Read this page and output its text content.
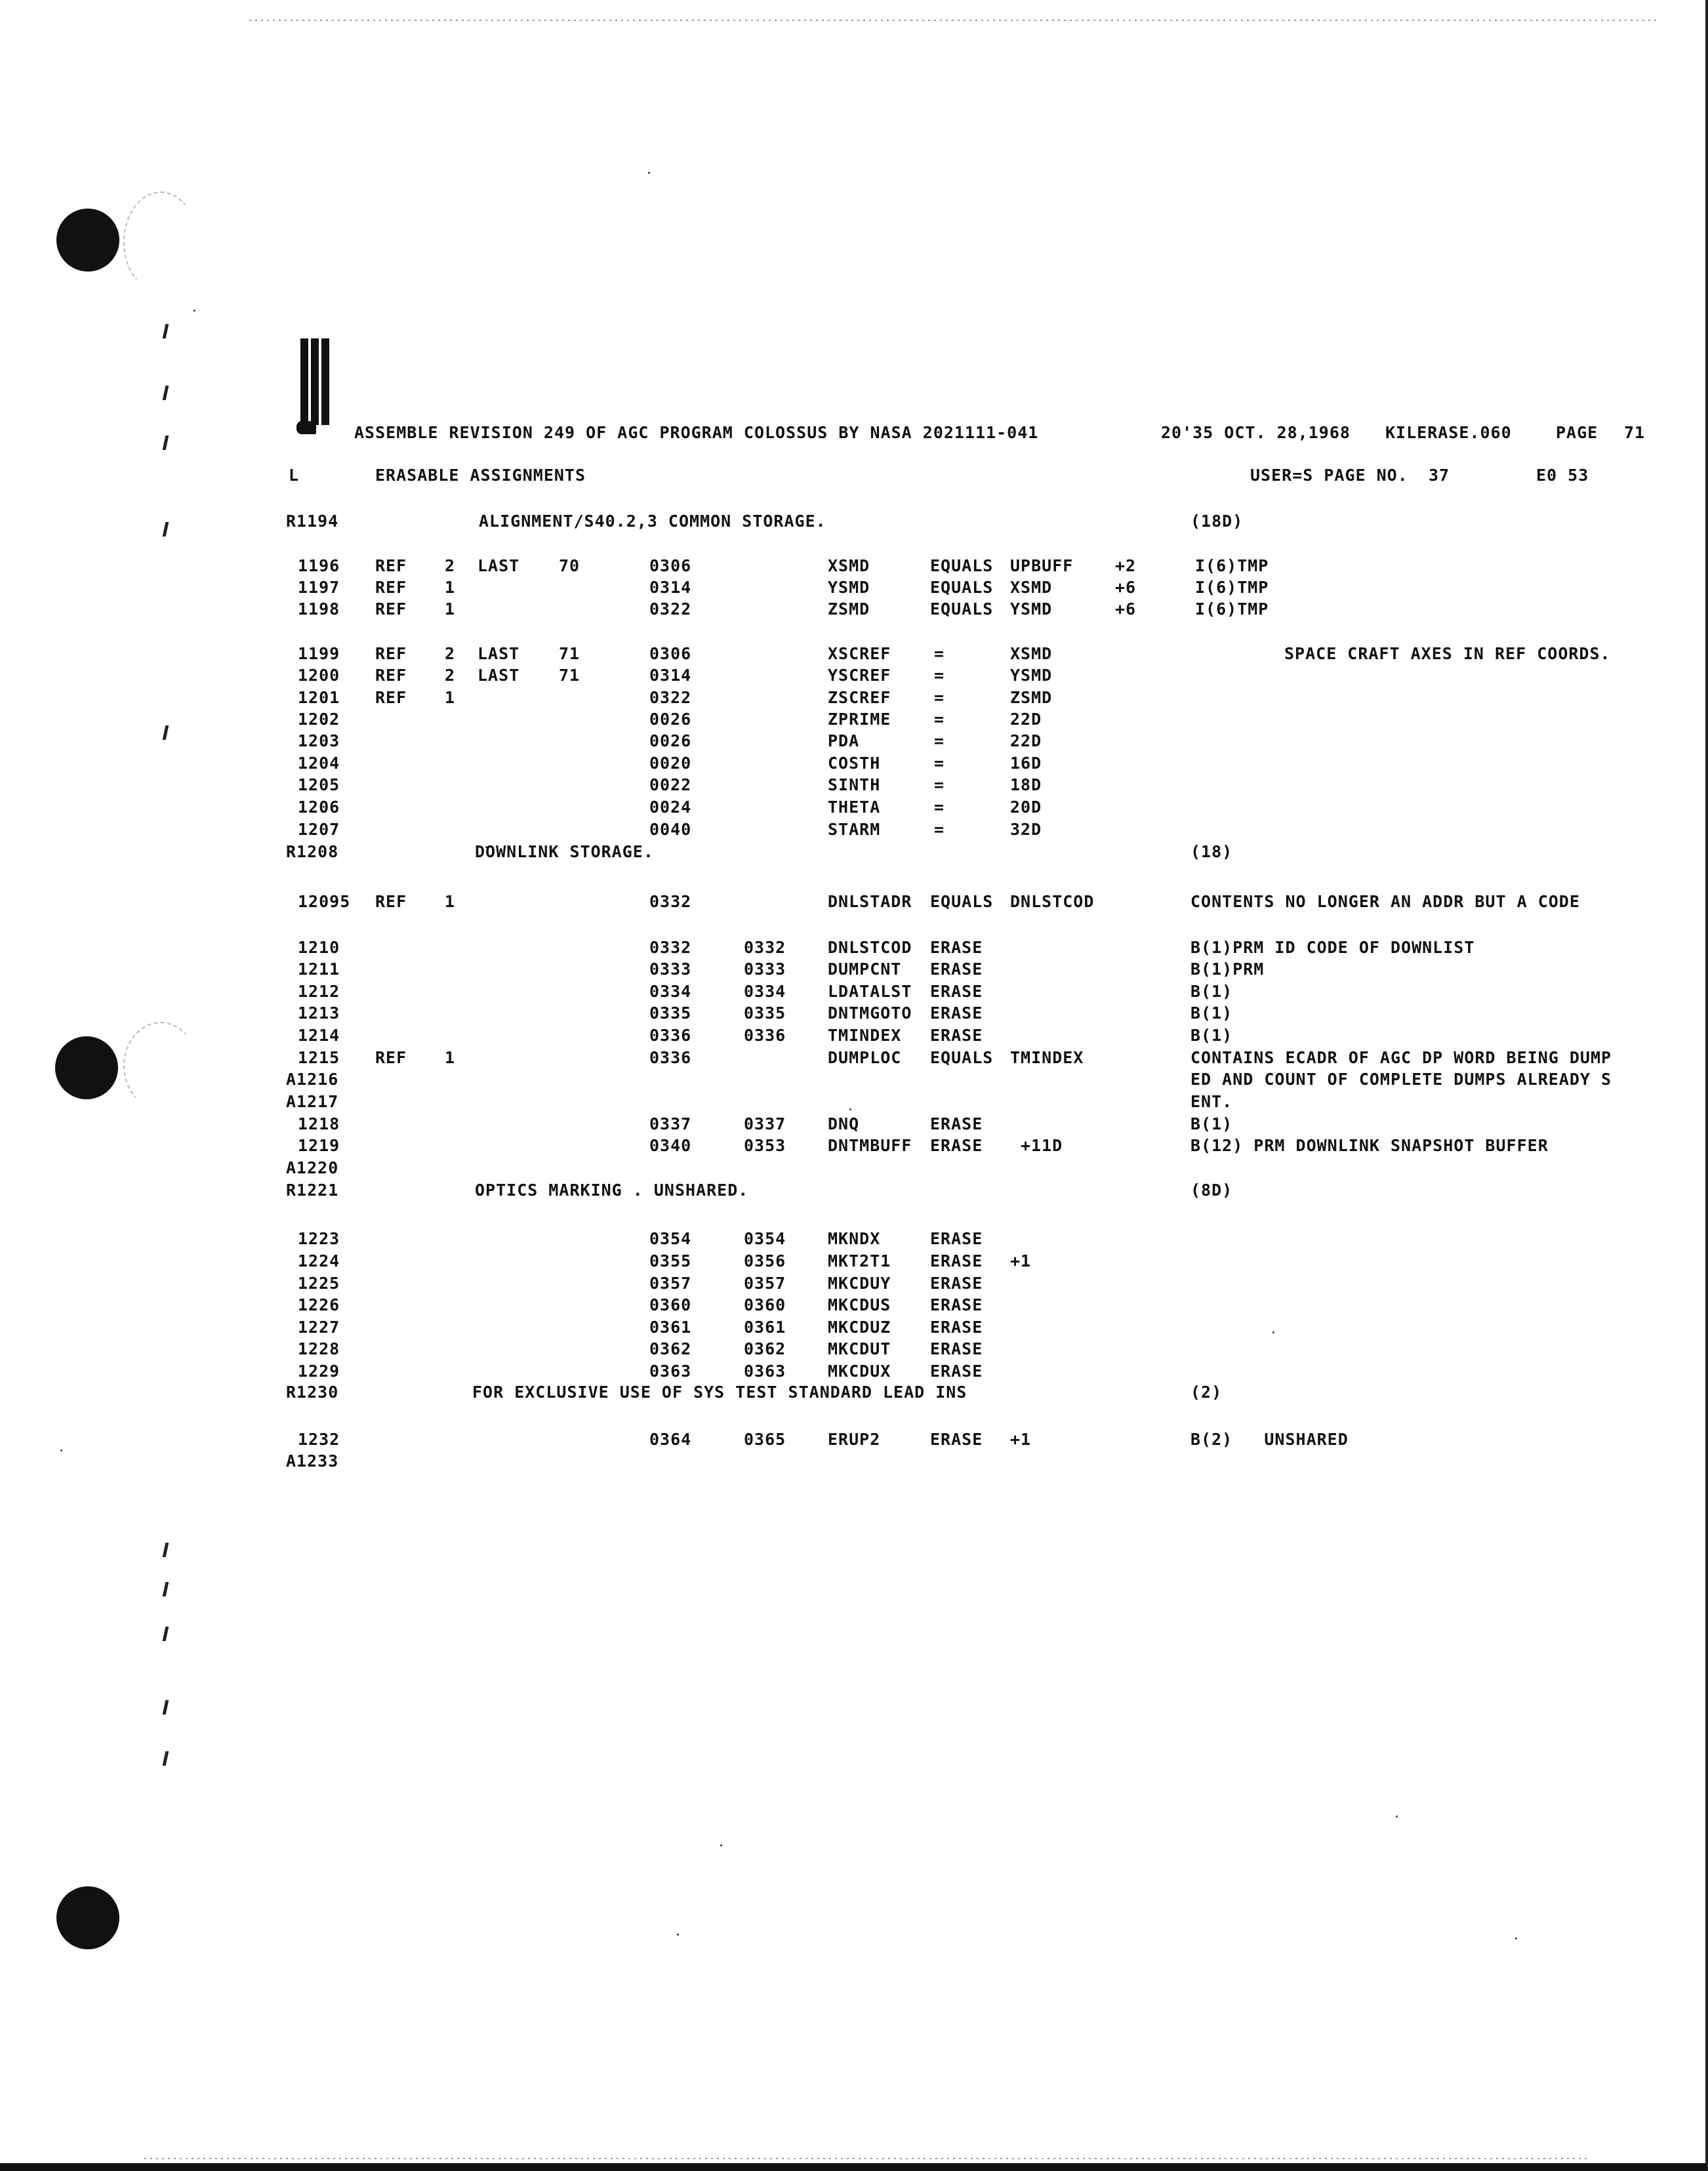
ASSEMBLE REVISION 249 OF AGC PROGRAM COLOSSUS BY NASA 2021111-041

	20'35 OCT. 28,1968

KILERASE.060

	PAGE

71

L

	ERASABLE ASSIGNMENTS

	USER=S PAGE NO.

37

	E0 53

R1194	ALIGNMENT/S40.2,3 COMMON STORAGE.	(18D)

1196 REF 2 LAST 70	0306	XSMD	EQUALS UPBUFF	+2	I(6)TMP

1197 REF 1	0314	YSMD	EQUALS XSMD	+6	I(6)TMP

1198 REF 1	0322	ZSMD	EQUALS YSMD	+6	I(6)TMP

1199 REF 2 LAST 71	0306	XSCREF	=	XSMD	SPACE CRAFT AXES IN REF COORDS.

1200 REF 2 LAST 71	0314	YSCREF	=	YSMD

1201 REF 1	0322	ZSCREF	=	ZSMD

1202	0026	ZPRIME	=	22D

1203	0026	PDA	=	22D

1204	0020	COSTH	=	16D

1205	0022	SINTH	=	18D

1206	0024	THETA	=	20D

1207	0040	STARM	=	32D

R1208	DOWNLINK STORAGE.	(18)

12095 REF 1	0332	DNLSTADR EQUALS DNLSTCOD	CONTENTS NO LONGER AN ADDR BUT A CODE

1210	0332	0332	DNLSTCOD ERASE	B(1)PRM ID CODE OF DOWNLIST

1211	0333	0333	DUMPCNT ERASE	B(1)PRM

1212	0334	0334	LDATALST ERASE	B(1)

1213	0335	0335	DNTMGOTO ERASE	B(1)

1214	0336	0336	TMINDEX ERASE	B(1)

1215 REF 1	0336	DUMPLOC EQUALS TMINDEX	CONTAINS ECADR OF AGC DP WORD BEING DUMP

A1216	ED AND COUNT OF COMPLETE DUMPS ALREADY S

A1217	ENT.

1218	0337	0337	DNQ	ERASE	B(1)

1219	0340	0353	DNTMBUFF ERASE +11D	B(12) PRM DOWNLINK SNAPSHOT BUFFER

A1220

R1221	OPTICS MARKING . UNSHARED.	(8D)

1223	0354	0354	MKNDX	ERASE

1224	0355	0356	MKT2T1 ERASE +1

1225	0357	0357	MKCDUY ERASE

1226	0360	0360	MKCDUS ERASE

1227	0361	0361	MKCDUZ ERASE

1228	0362	0362	MKCDUT ERASE

1229	0363	0363	MKCDUX ERASE

R1230	FOR EXCLUSIVE USE OF SYS TEST STANDARD LEAD INS	(2)

1232	0364	0365	ERUP2	ERASE +1	B(2)   UNSHARED

A1233
